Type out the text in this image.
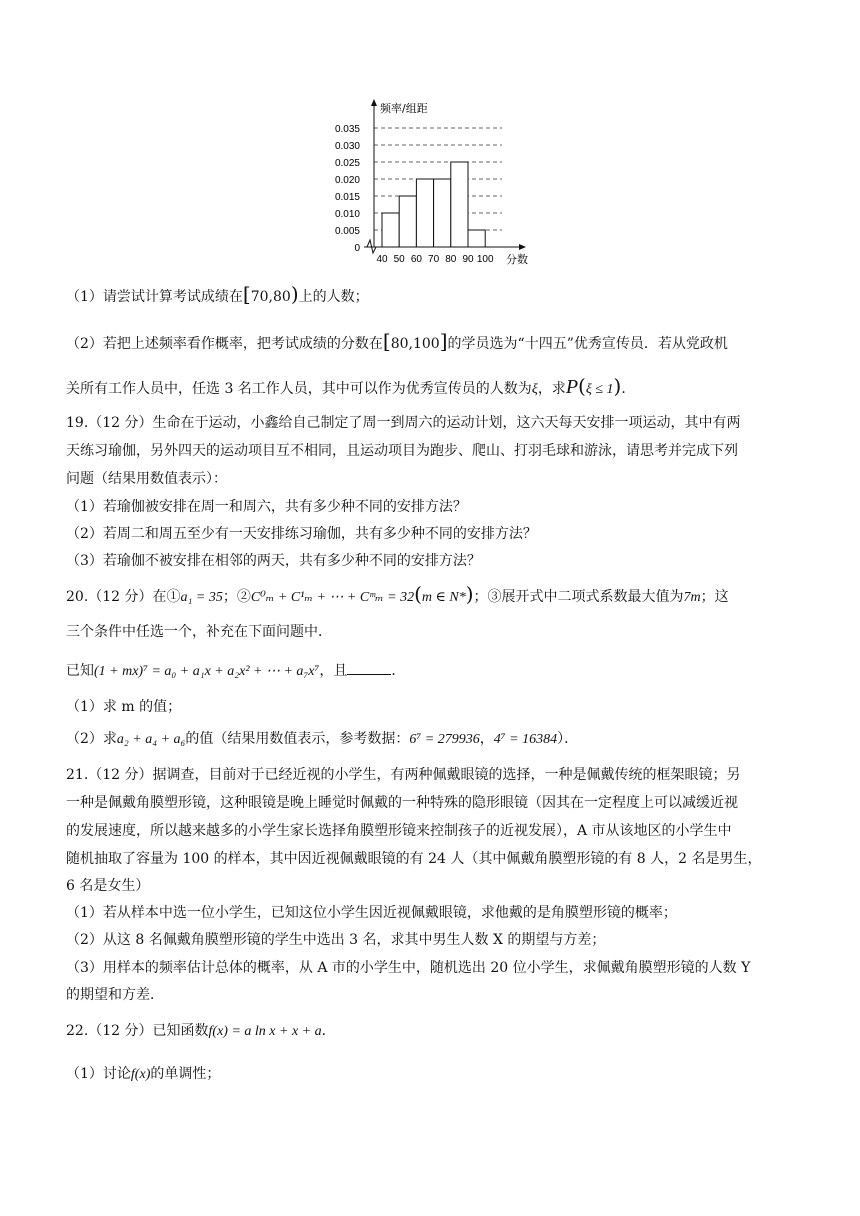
0
0.005
0.010
0.015
0.020
0.025
0.030
0.035
40 50 60 70 80 90 100
频率/组距
分数
（1）请尝试计算考试成绩在[70,80)上的人数；
（2）若把上述频率看作概率，把考试成绩的分数在[80,100]的学员选为“十四五”优秀宣传员．若从党政机
关所有工作人员中，任选 3 名工作人员，其中可以作为优秀宣传员的人数为ξ，求P(ξ ≤ 1)．
19.（12 分）生命在于运动，小鑫给自己制定了周一到周六的运动计划，这六天每天安排一项运动，其中有两
天练习瑜伽，另外四天的运动项目互不相同，且运动项目为跑步、爬山、打羽毛球和游泳，请思考并完成下列
问题（结果用数值表示）：
（1）若瑜伽被安排在周一和周六，共有多少种不同的安排方法？
（2）若周二和周五至少有一天安排练习瑜伽，共有多少种不同的安排方法？
（3）若瑜伽不被安排在相邻的两天，共有多少种不同的安排方法？
20.（12 分）在①a₁ = 35；②C⁰ₘ + C¹ₘ + ⋯ + Cᵐₘ = 32(m ∈ N*)；③展开式中二项式系数最大值为7m；这
三个条件中任选一个，补充在下面问题中．
已知(1 + mx)⁷ = a₀ + a₁x + a₂x² + ⋯ + a₇x⁷，且	．
（1）求 m 的值；
（2）求a₂ + a₄ + a₆的值（结果用数值表示，参考数据：6⁷ = 279936，4⁷ = 16384）．
21.（12 分）据调查，目前对于已经近视的小学生，有两种佩戴眼镜的选择，一种是佩戴传统的框架眼镜；另
一种是佩戴角膜塑形镜，这种眼镜是晚上睡觉时佩戴的一种特殊的隐形眼镜（因其在一定程度上可以减缓近视
的发展速度，所以越来越多的小学生家长选择角膜塑形镜来控制孩子的近视发展），A 市从该地区的小学生中
随机抽取了容量为 100 的样本，其中因近视佩戴眼镜的有 24 人（其中佩戴角膜塑形镜的有 8 人，2 名是男生，
6 名是女生）
（1）若从样本中选一位小学生，已知这位小学生因近视佩戴眼镜，求他戴的是角膜塑形镜的概率；
（2）从这 8 名佩戴角膜塑形镜的学生中选出 3 名，求其中男生人数 X 的期望与方差；
（3）用样本的频率估计总体的概率，从 A 市的小学生中，随机选出 20 位小学生，求佩戴角膜塑形镜的人数 Y
的期望和方差．
22.（12 分）已知函数f(x) = a ln x + x + a．
（1）讨论f(x)的单调性；
